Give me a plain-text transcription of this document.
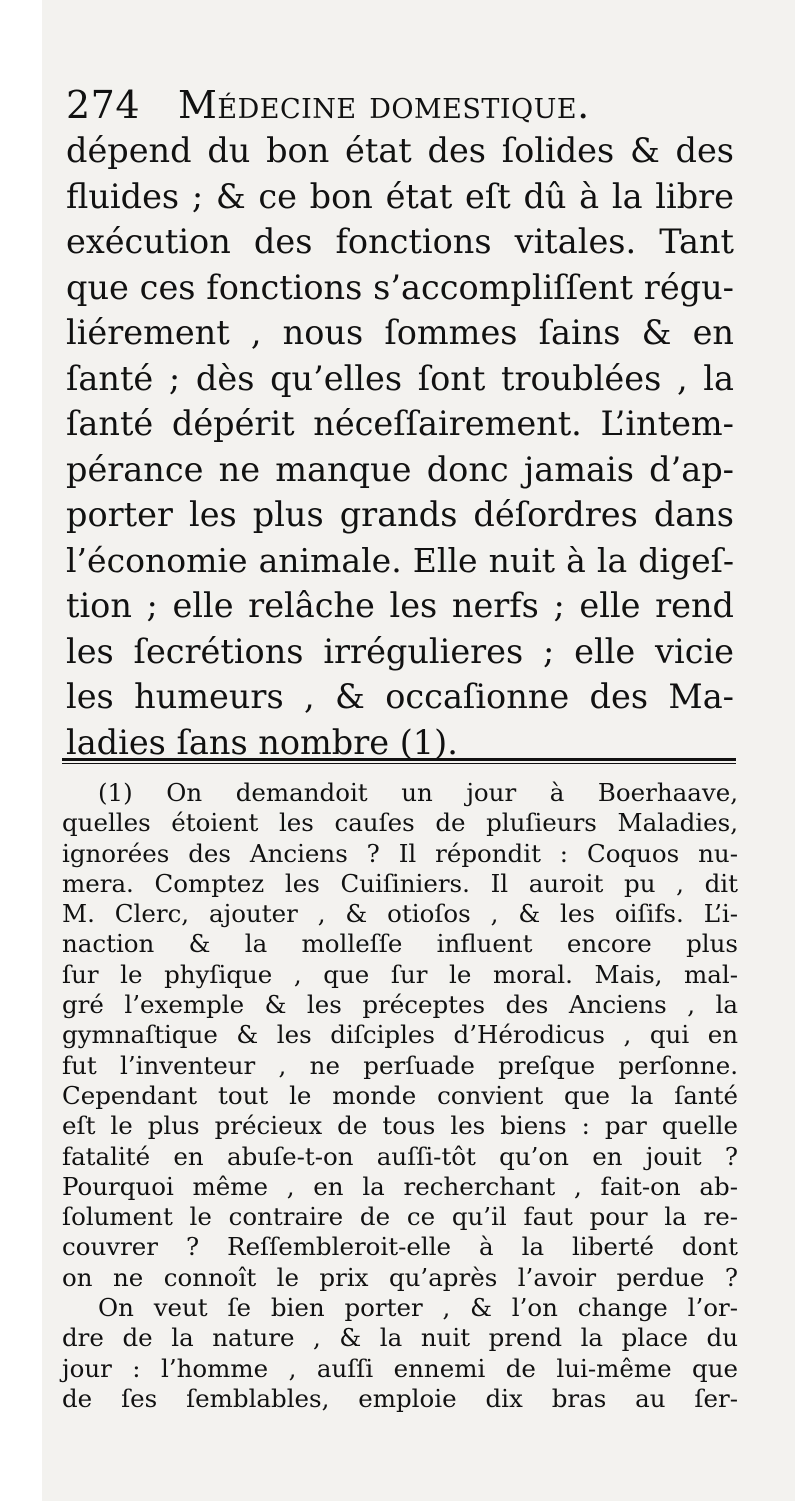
274 Médecine domestique.
dépend du bon état des ſolides & des
fluides ; & ce bon état eſt dû à la libre
exécution des fonctions vitales. Tant
que ces fonctions s’accompliſſent régu-
liérement , nous ſommes ſains & en
ſanté ; dès qu’elles ſont troublées , la
ſanté dépérit néceſſairement. L’intem-
pérance ne manque donc jamais d’ap-
porter les plus grands déſordres dans
l’économie animale. Elle nuit à la digeſ-
tion ; elle relâche les nerfs ; elle rend
les ſecrétions irrégulieres ; elle vicie
les humeurs , & occaſionne des Ma-
ladies ſans nombre (1).
(1) On demandoit un jour à Boerhaave,
quelles étoient les cauſes de pluſieurs Maladies,
ignorées des Anciens ? Il répondit : Coquos nu-
mera. Comptez les Cuiſiniers. Il auroit pu , dit
M. Clerc, ajouter , & otioſos , & les oiſifs. L’i-
naction & la molleſſe influent encore plus
ſur le phyſique , que ſur le moral. Mais, mal-
gré l’exemple & les préceptes des Anciens , la
gymnaſtique & les diſciples d’Hérodicus , qui en
fut l’inventeur , ne perſuade preſque perſonne.
Cependant tout le monde convient que la ſanté
eſt le plus précieux de tous les biens : par quelle
fatalité en abuſe-t-on auſſi-tôt qu’on en jouit ?
Pourquoi même , en la recherchant , fait-on ab-
ſolument le contraire de ce qu’il faut pour la re-
couvrer ? Reſſembleroit-elle à la liberté dont
on ne connoît le prix qu’après l’avoir perdue ?
On veut ſe bien porter , & l’on change l’or-
dre de la nature , & la nuit prend la place du
jour : l’homme , auſſi ennemi de lui-même que
de ſes ſemblables, emploie dix bras au ſer-
